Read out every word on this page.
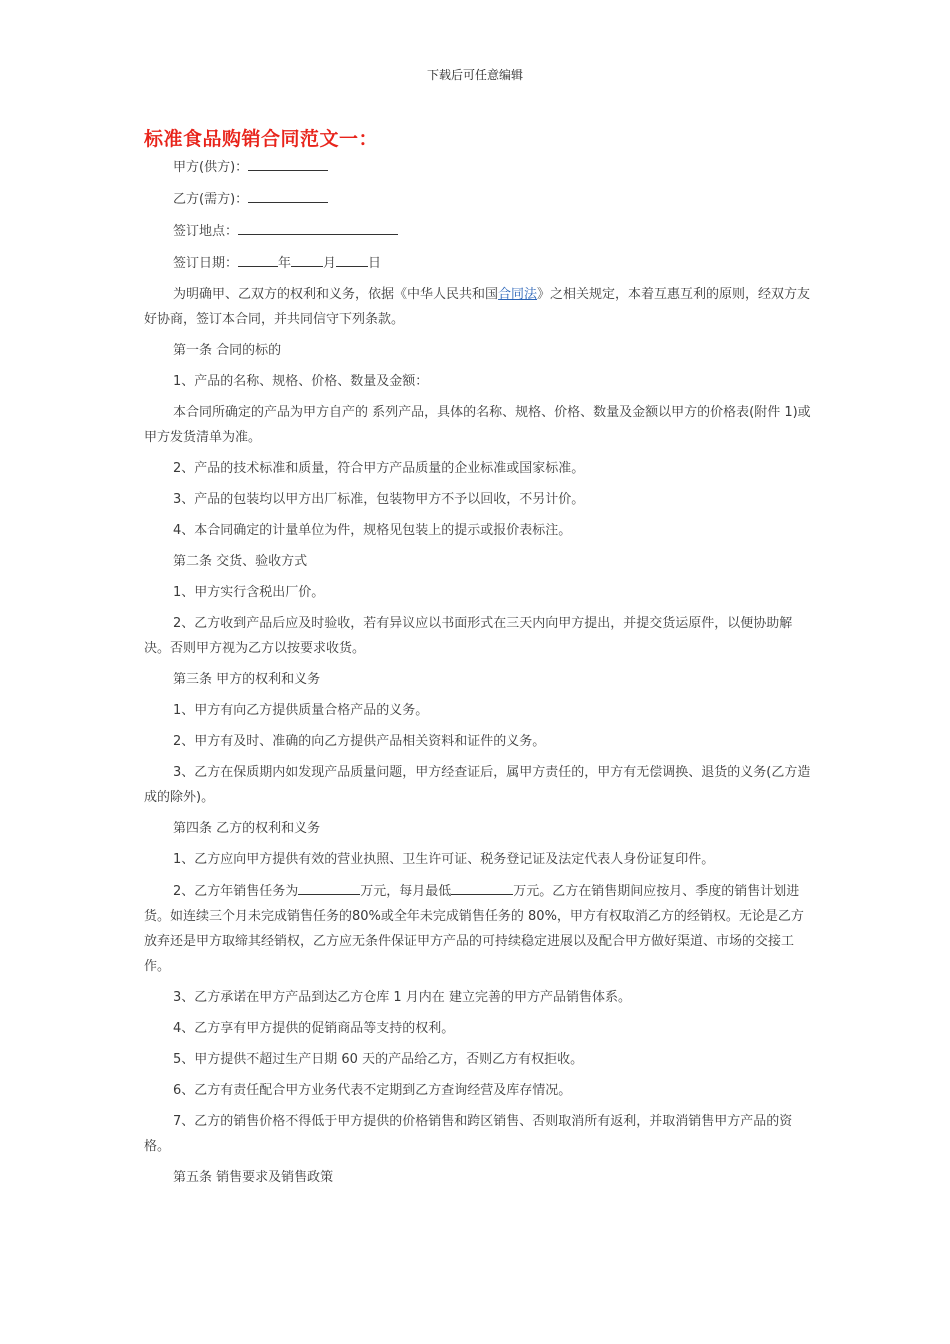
下载后可任意编辑
标准食品购销合同范文一：

甲方(供方)：

乙方(需方)：

签订地点：

签订日期：	年 月 日

为明确甲、乙双方的权利和义务，依据《中华人民共和国合同法》之相关规定，本着互惠互利的原则，经双方友好协商，签订本合同，并共同信守下列条款。

第一条 合同的标的

1、产品的名称、规格、价格、数量及金额：

本合同所确定的产品为甲方自产的 系列产品，具体的名称、规格、价格、数量及金额以甲方的价格表(附件 1)或甲方发货清单为准。

2、产品的技术标准和质量，符合甲方产品质量的企业标准或国家标准。

3、产品的包装均以甲方出厂标准，包装物甲方不予以回收，不另计价。

4、本合同确定的计量单位为件，规格见包装上的提示或报价表标注。

第二条 交货、验收方式

1、甲方实行含税出厂价。

2、乙方收到产品后应及时验收，若有异议应以书面形式在三天内向甲方提出，并提交货运原件，以便协助解决。否则甲方视为乙方以按要求收货。

第三条 甲方的权利和义务

1、甲方有向乙方提供质量合格产品的义务。

2、甲方有及时、准确的向乙方提供产品相关资料和证件的义务。

3、乙方在保质期内如发现产品质量问题，甲方经查证后，属甲方责任的，甲方有无偿调换、退货的义务(乙方造成的除外)。

第四条 乙方的权利和义务

1、乙方应向甲方提供有效的营业执照、卫生许可证、税务登记证及法定代表人身份证复印件。

2、乙方年销售任务为	万元，每月最低	万元。乙方在销售期间应按月、季度的销售计划进货。如连续三个月未完成销售任务的80%或全年未完成销售任务的 80%，甲方有权取消乙方的经销权。无论是乙方放弃还是甲方取缔其经销权，乙方应无条件保证甲方产品的可持续稳定进展以及配合甲方做好渠道、市场的交接工作。

3、乙方承诺在甲方产品到达乙方仓库 1 月内在 建立完善的甲方产品销售体系。

4、乙方享有甲方提供的促销商品等支持的权利。

5、甲方提供不超过生产日期 60 天的产品给乙方，否则乙方有权拒收。

6、乙方有责任配合甲方业务代表不定期到乙方查询经营及库存情况。

7、乙方的销售价格不得低于甲方提供的价格销售和跨区销售、否则取消所有返利，并取消销售甲方产品的资格。

第五条 销售要求及销售政策
